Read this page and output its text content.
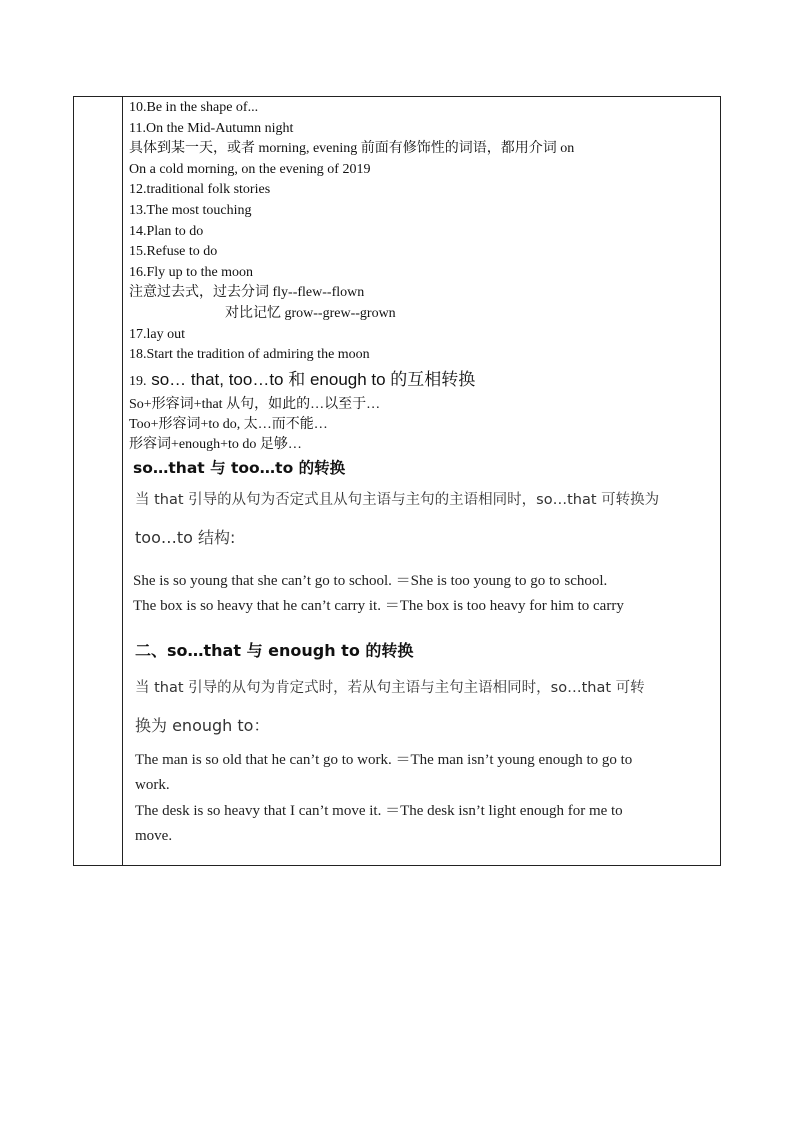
10.Be in the shape of...
11.On the Mid-Autumn night
具体到某一天，或者 morning, evening 前面有修饰性的词语，都用介词 on
On a cold morning, on the evening of 2019
12.traditional folk stories
13.The most touching
14.Plan to do
15.Refuse to do
16.Fly up to the moon
注意过去式，过去分词 fly--flew--flown
对比记忆 grow--grew--grown
17.lay out
18.Start the tradition of admiring the moon
19. so… that, too…to 和 enough to 的互相转换
So+形容词+that 从句，如此的…以至于…
Too+形容词+to do, 太…而不能…
形容词+enough+to do 足够…
so…that 与 too…to 的转换
当 that 引导的从句为否定式且从句主语与主句的主语相同时，so…that 可转换为
too…to 结构:
She is so young that she can’t go to school. ＝She is too young to go to school.
The box is so heavy that he can’t carry it. ＝The box is too heavy for him to carry
二、so…that 与 enough to 的转换
当 that 引导的从句为肯定式时，若从句主语与主句主语相同时，so…that 可转
换为 enough to：
The man is so old that he can’t go to work. ＝The man isn’t young enough to go to
work.
The desk is so heavy that I can’t move it. ＝The desk isn’t light enough for me to
move.
